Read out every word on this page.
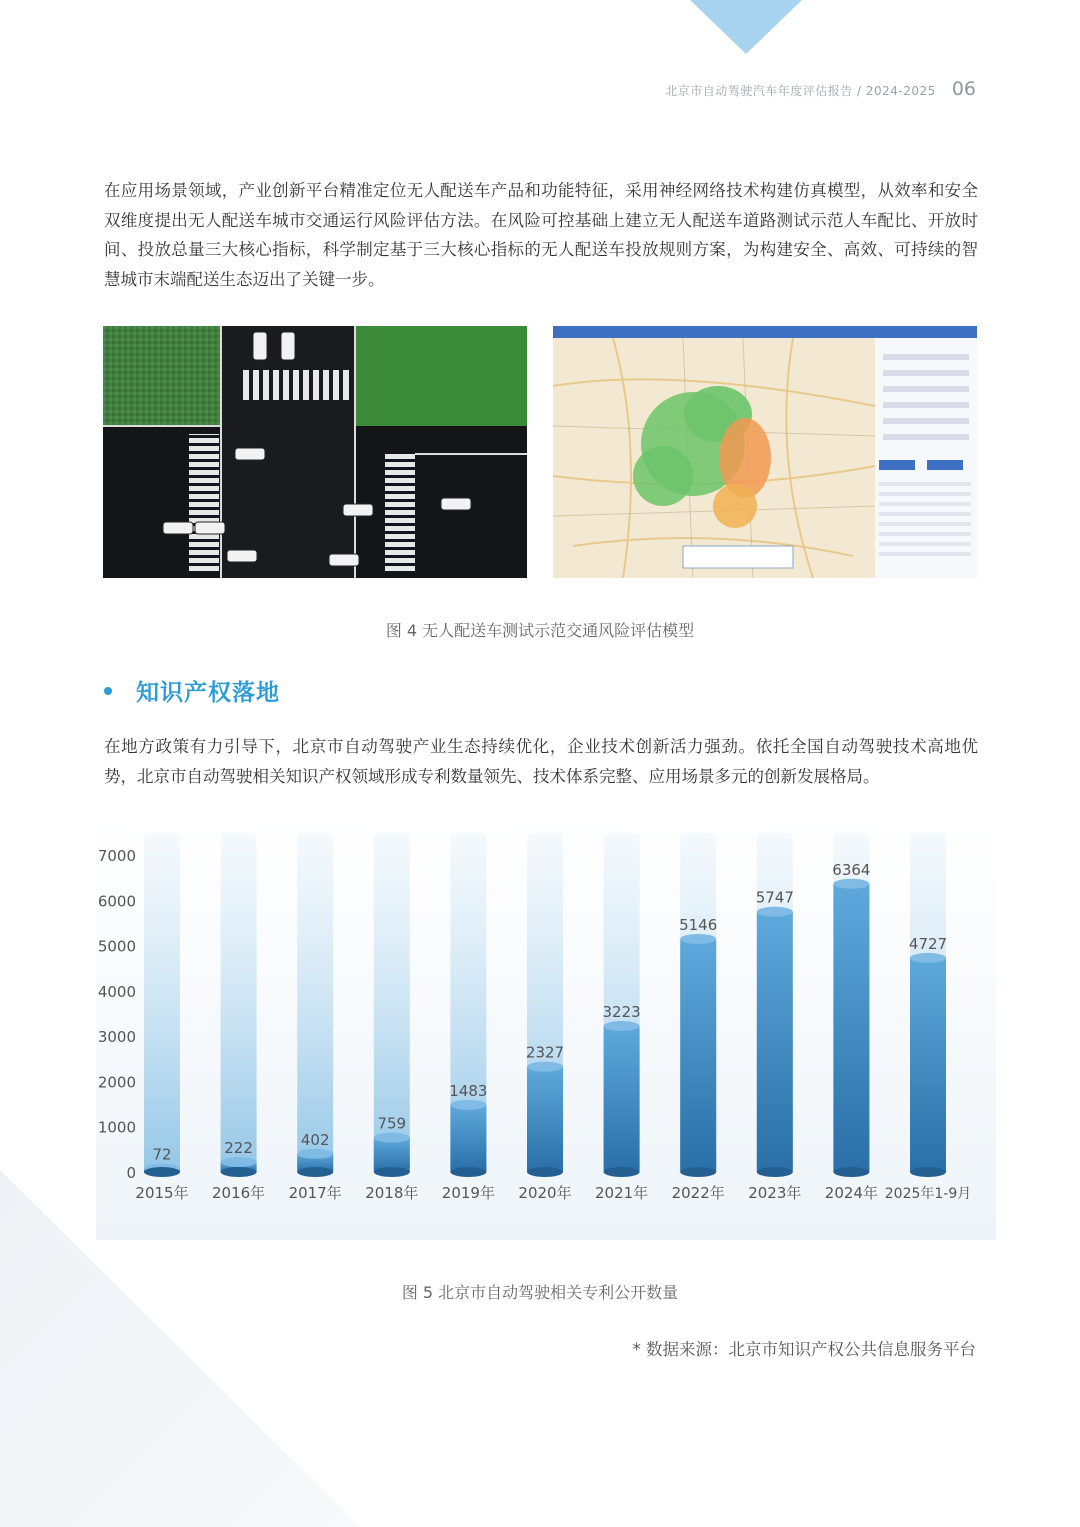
北京市自动驾驶汽车年度评估报告 / 2024-2025 06

在应用场景领域，产业创新平台精准定位无人配送车产品和功能特征，采用神经网络技术构建仿真模型，从效率和安全双维度提出无人配送车城市交通运行风险评估方法。在风险可控基础上建立无人配送车道路测试示范人车配比、开放时间、投放总量三大核心指标，科学制定基于三大核心指标的无人配送车投放规则方案，为构建安全、高效、可持续的智慧城市末端配送生态迈出了关键一步。

图 4 无人配送车测试示范交通风险评估模型
知识产权落地

在地方政策有力引导下，北京市自动驾驶产业生态持续优化，企业技术创新活力强劲。依托全国自动驾驶技术高地优势，北京市自动驾驶相关知识产权领域形成专利数量领先、技术体系完整、应用场景多元的创新发展格局。

0
1000
2000
3000
4000
5000
6000
7000
72
2015年
222
2016年
402
2017年
759
2018年
1483
2019年
2327
2020年
3223
2021年
5146
2022年
5747
2023年
6364
2024年
4727
2025年1-9月
图 5 北京市自动驾驶相关专利公开数量
* 数据来源：北京市知识产权公共信息服务平台
